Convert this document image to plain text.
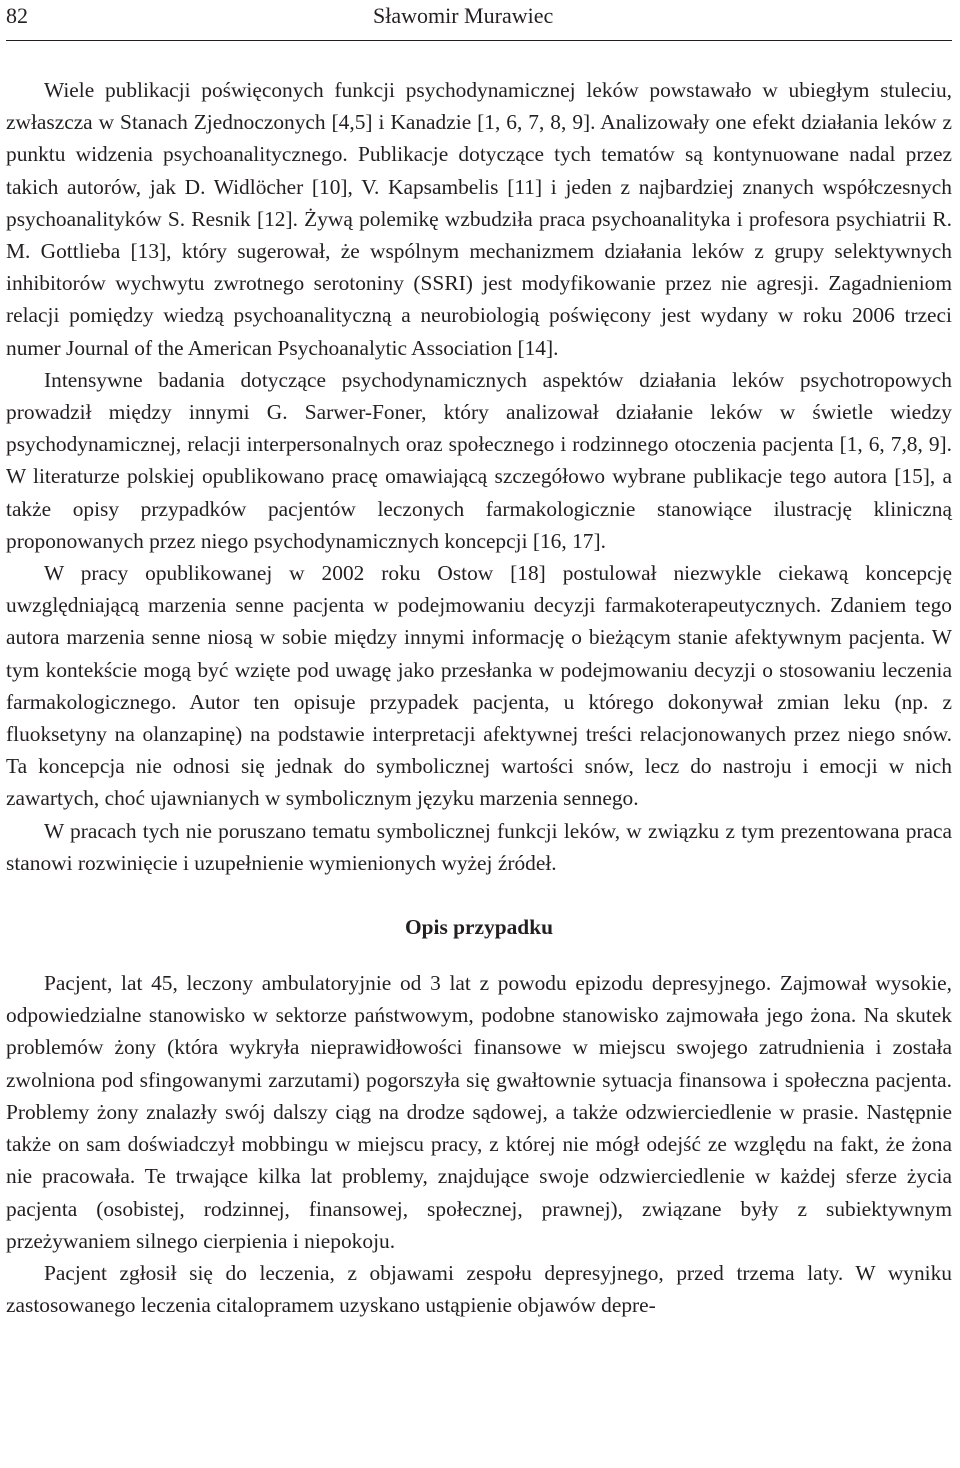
82	Sławomir Murawiec

Wiele publikacji poświęconych funkcji psychodynamicznej leków powstawało w ubiegłym stuleciu, zwłaszcza w Stanach Zjednoczonych [4,5] i Kanadzie [1, 6, 7, 8, 9]. Analizowały one efekt działania leków z punktu widzenia psychoanalitycznego. Publikacje dotyczące tych tematów są kontynuowane nadal przez takich autorów, jak D. Widlöcher [10], V. Kapsambelis [11] i jeden z najbardziej znanych współczesnych psychoanalityków S. Resnik [12]. Żywą polemikę wzbudziła praca psychoanalityka i profesora psychiatrii R. M. Gottlieba [13], który sugerował, że wspólnym mechanizmem działania leków z grupy selektywnych inhibitorów wychwytu zwrotnego serotoniny (SSRI) jest modyfikowanie przez nie agresji. Zagadnieniom relacji pomiędzy wiedzą psychoanalityczną a neurobiologią poświęcony jest wydany w roku 2006 trzeci numer Journal of the American Psychoanalytic Association [14].

Intensywne badania dotyczące psychodynamicznych aspektów działania leków psychotropowych prowadził między innymi G. Sarwer-Foner, który analizował działanie leków w świetle wiedzy psychodynamicznej, relacji interpersonalnych oraz społecznego i rodzinnego otoczenia pacjenta [1, 6, 7,8, 9]. W literaturze polskiej opublikowano pracę omawiającą szczegółowo wybrane publikacje tego autora [15], a także opisy przypadków pacjentów leczonych farmakologicznie stanowiące ilustrację kliniczną proponowanych przez niego psychodynamicznych koncepcji [16, 17].

W pracy opublikowanej w 2002 roku Ostow [18] postulował niezwykle ciekawą koncepcję uwzględniającą marzenia senne pacjenta w podejmowaniu decyzji farmakoterapeutycznych. Zdaniem tego autora marzenia senne niosą w sobie między innymi informację o bieżącym stanie afektywnym pacjenta. W tym kontekście mogą być wzięte pod uwagę jako przesłanka w podejmowaniu decyzji o stosowaniu leczenia farmakologicznego. Autor ten opisuje przypadek pacjenta, u którego dokonywał zmian leku (np. z fluoksetyny na olanzapinę) na podstawie interpretacji afektywnej treści relacjonowanych przez niego snów. Ta koncepcja nie odnosi się jednak do symbolicznej wartości snów, lecz do nastroju i emocji w nich zawartych, choć ujawnianych w symbolicznym języku marzenia sennego.

W pracach tych nie poruszano tematu symbolicznej funkcji leków, w związku z tym prezentowana praca stanowi rozwinięcie i uzupełnienie wymienionych wyżej źródeł.

Opis przypadku

Pacjent, lat 45, leczony ambulatoryjnie od 3 lat z powodu epizodu depresyjnego. Zajmował wysokie, odpowiedzialne stanowisko w sektorze państwowym, podobne stanowisko zajmowała jego żona. Na skutek problemów żony (która wykryła nieprawidłowości finansowe w miejscu swojego zatrudnienia i została zwolniona pod sfingowanymi zarzutami) pogorszyła się gwałtownie sytuacja finansowa i społeczna pacjenta. Problemy żony znalazły swój dalszy ciąg na drodze sądowej, a także odzwierciedlenie w prasie. Następnie także on sam doświadczył mobbingu w miejscu pracy, z której nie mógł odejść ze względu na fakt, że żona nie pracowała. Te trwające kilka lat problemy, znajdujące swoje odzwierciedlenie w każdej sferze życia pacjenta (osobistej, rodzinnej, finansowej, społecznej, prawnej), związane były z subiektywnym przeżywaniem silnego cierpienia i niepokoju.

Pacjent zgłosił się do leczenia, z objawami zespołu depresyjnego, przed trzema laty. W wyniku zastosowanego leczenia citalopramem uzyskano ustąpienie objawów depre-
